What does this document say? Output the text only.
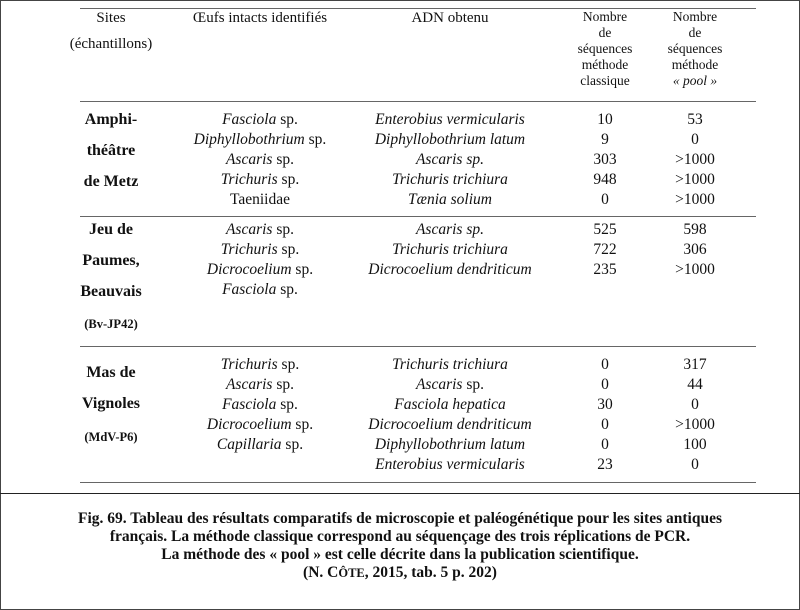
Sites
(échantillons)
Œufs intacts identifiés	ADN obtenu	Nombre
de
séquences
méthode
classique
Nombre
de
séquences
méthode
« pool »
Amphi-
théâtre
de Metz
Jeu de
Paumes,
Beauvais
(Bv-JP42)
Mas de
Vignoles
(MdV-P6)
Fasciola sp.
Diphyllobothrium sp.
Ascaris sp.
Trichuris sp.
Taeniidae
Enterobius vermicularis
Diphyllobothrium latum
Ascaris sp.
Trichuris trichiura
Tænia solium
10
9
303
948
0
53
0
>1000
>1000
>1000
Ascaris sp.
Trichuris sp.
Dicrocoelium sp.
Fasciola sp.
Ascaris sp.
Trichuris trichiura
Dicrocoelium dendriticum
525
722
235
598
306
>1000
Trichuris sp.
Ascaris sp.
Fasciola sp.
Dicrocoelium sp.
Capillaria sp.
Trichuris trichiura
Ascaris sp.
Fasciola hepatica
Dicrocoelium dendriticum
Diphyllobothrium latum
Enterobius vermicularis
0
0
30
0
0
23
317
44
0
>1000
100
0
Fig. 69. Tableau des résultats comparatifs de microscopie et paléogénétique pour les sites antiques
français. La méthode classique correspond au séquençage des trois réplications de PCR.
La méthode des « pool » est celle décrite dans la publication scientifique.
(N. CÔTE, 2015, tab. 5 p. 202)
